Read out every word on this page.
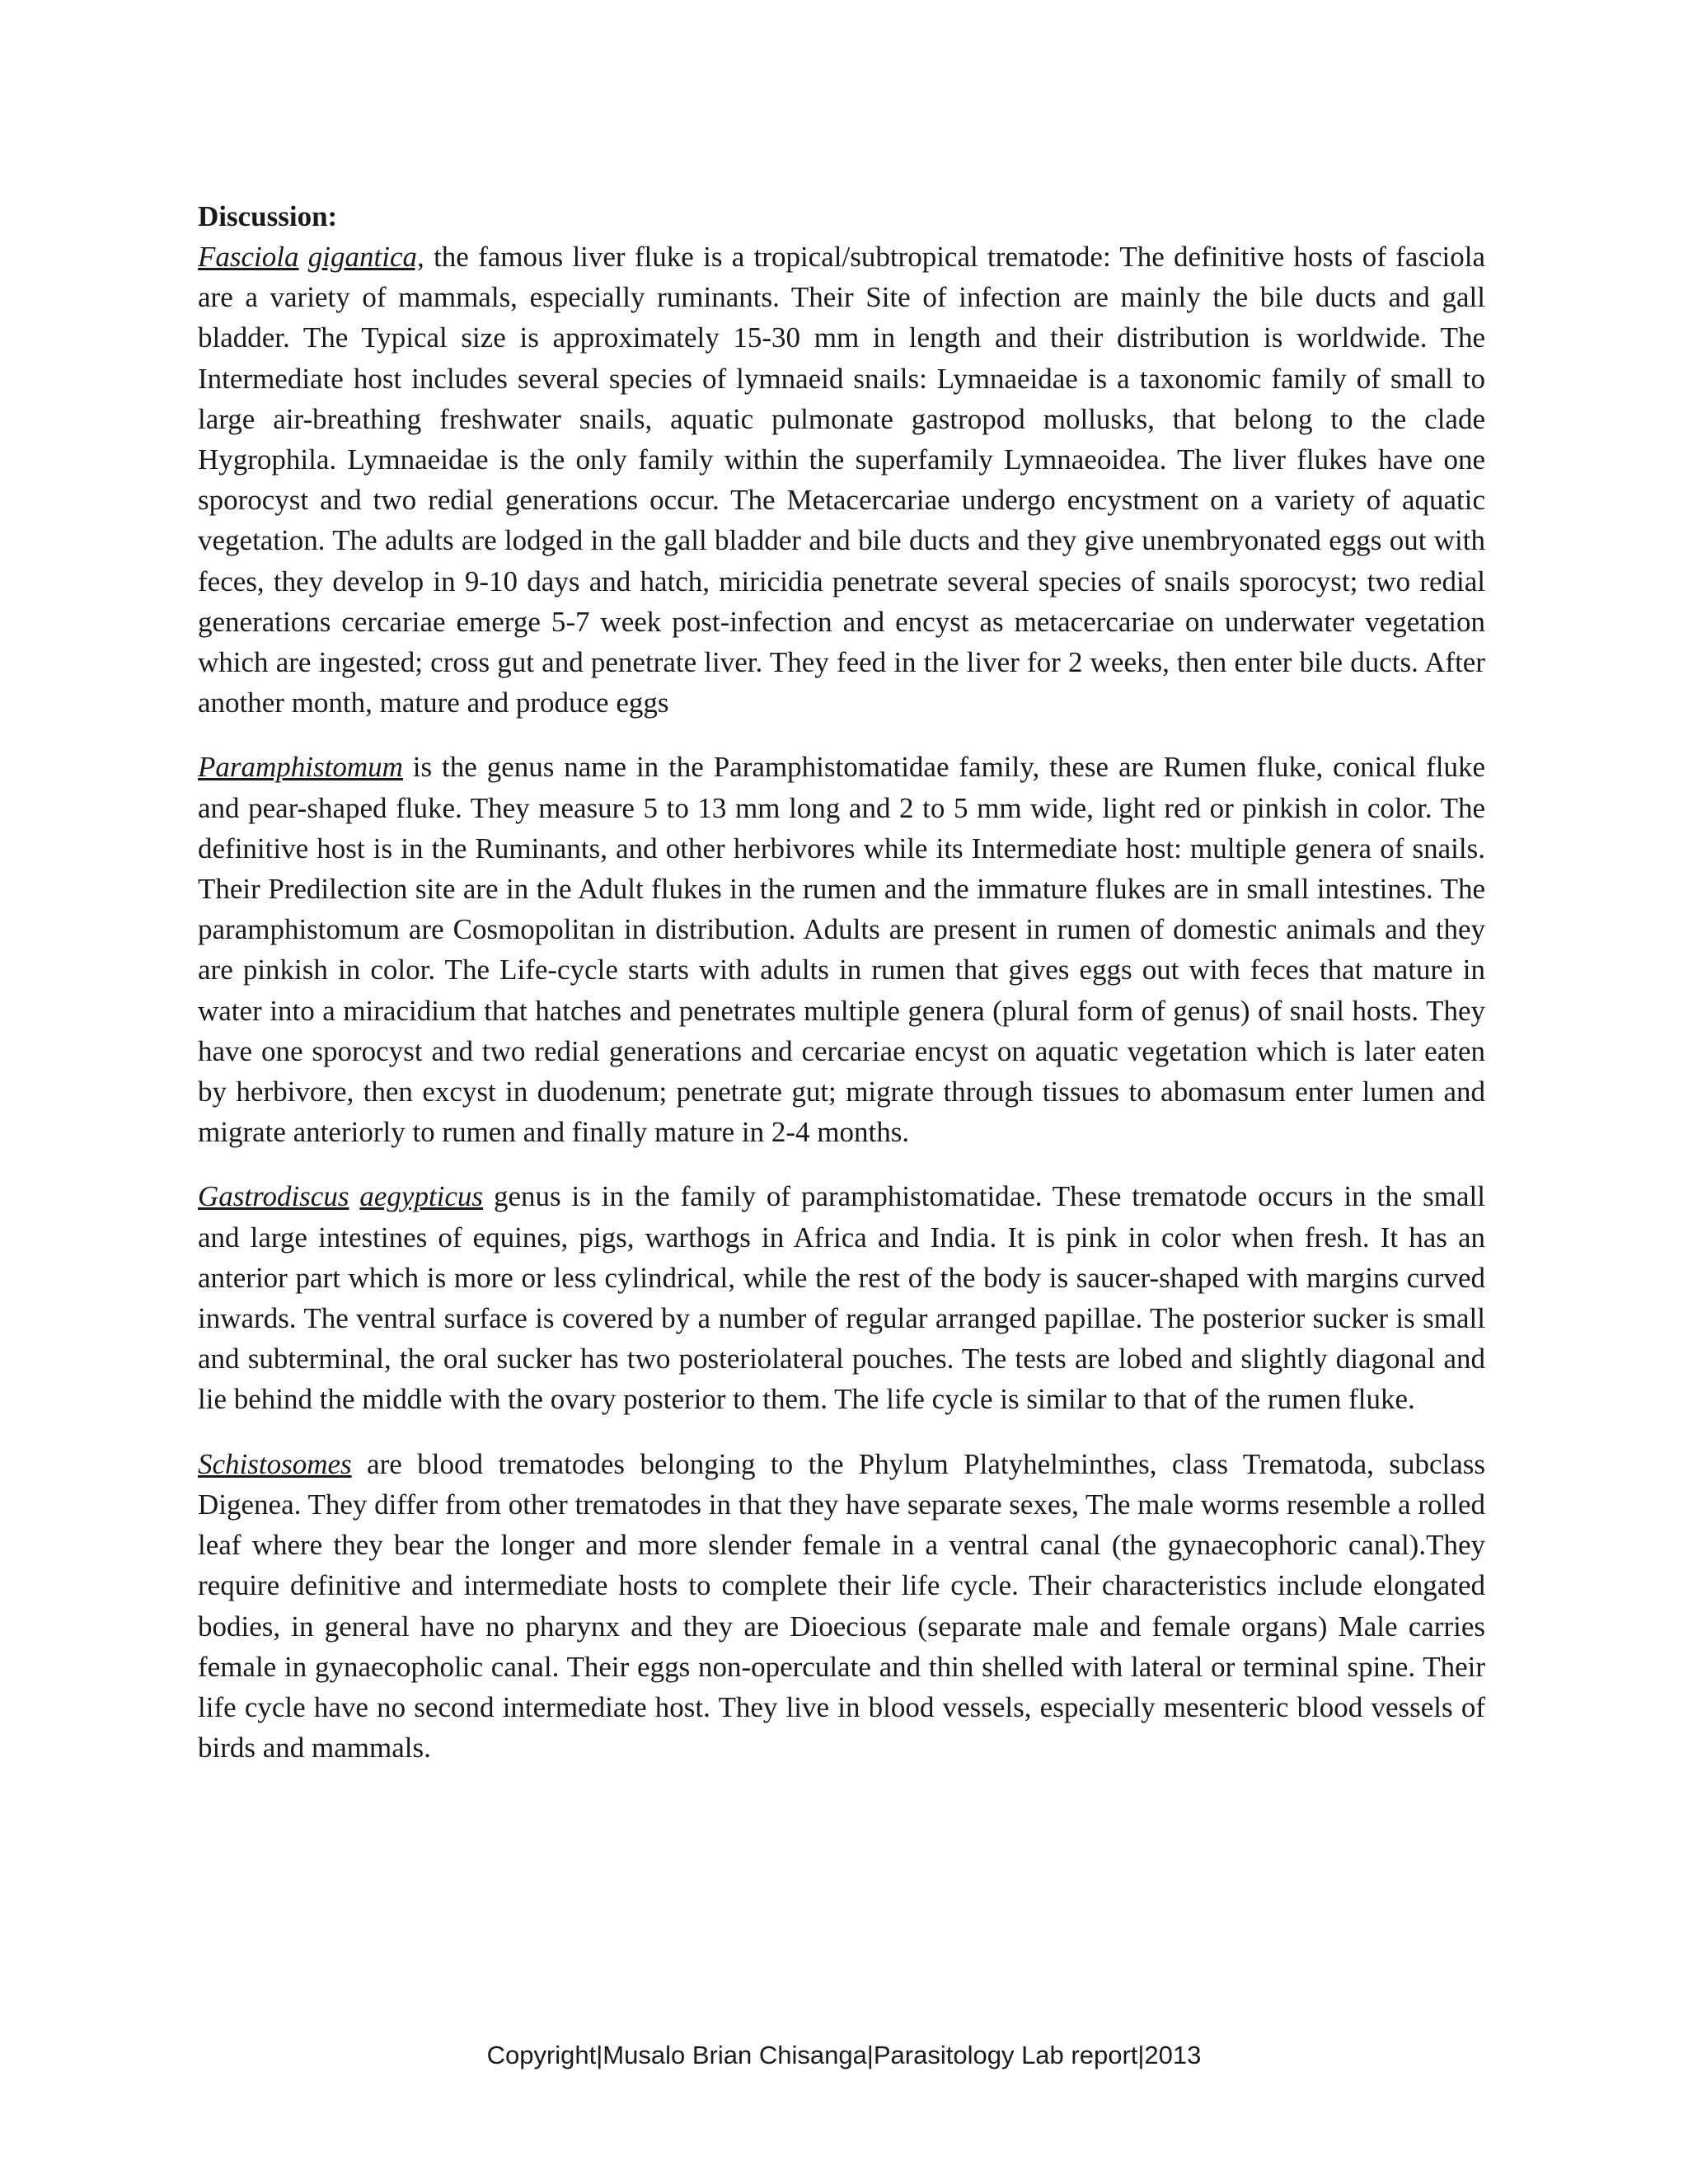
Discussion:

Fasciola gigantica, the famous liver fluke is a tropical/subtropical trematode: The definitive hosts of fasciola are a variety of mammals, especially ruminants. Their Site of infection are mainly the bile ducts and gall bladder. The Typical size is approximately 15-30 mm in length and their distribution is worldwide. The Intermediate host includes several species of lymnaeid snails: Lymnaeidae is a taxonomic family of small to large air-breathing freshwater snails, aquatic pulmonate gastropod mollusks, that belong to the clade Hygrophila. Lymnaeidae is the only family within the superfamily Lymnaeoidea. The liver flukes have one sporocyst and two redial generations occur. The Metacercariae undergo encystment on a variety of aquatic vegetation. The adults are lodged in the gall bladder and bile ducts and they give unembryonated eggs out with feces, they develop in 9-10 days and hatch, miricidia penetrate several species of snails sporocyst; two redial generations cercariae emerge 5-7 week post-infection and encyst as metacercariae on underwater vegetation which are ingested; cross gut and penetrate liver. They feed in the liver for 2 weeks, then enter bile ducts. After another month, mature and produce eggs

Paramphistomum is the genus name in the Paramphistomatidae family, these are Rumen fluke, conical fluke and pear-shaped fluke. They measure 5 to 13 mm long and 2 to 5 mm wide, light red or pinkish in color. The definitive host is in the Ruminants, and other herbivores while its Intermediate host: multiple genera of snails. Their Predilection site are in the Adult flukes in the rumen and the immature flukes are in small intestines. The paramphistomum are Cosmopolitan in distribution. Adults are present in rumen of domestic animals and they are pinkish in color. The Life-cycle starts with adults in rumen that gives eggs out with feces that mature in water into a miracidium that hatches and penetrates multiple genera (plural form of genus) of snail hosts. They have one sporocyst and two redial generations and cercariae encyst on aquatic vegetation which is later eaten by herbivore, then excyst in duodenum; penetrate gut; migrate through tissues to abomasum enter lumen and migrate anteriorly to rumen and finally mature in 2-4 months.

Gastrodiscus aegypticus genus is in the family of paramphistomatidae. These trematode occurs in the small and large intestines of equines, pigs, warthogs in Africa and India. It is pink in color when fresh. It has an anterior part which is more or less cylindrical, while the rest of the body is saucer-shaped with margins curved inwards. The ventral surface is covered by a number of regular arranged papillae. The posterior sucker is small and subterminal, the oral sucker has two posteriolateral pouches. The tests are lobed and slightly diagonal and lie behind the middle with the ovary posterior to them. The life cycle is similar to that of the rumen fluke.

Schistosomes are blood trematodes belonging to the Phylum Platyhelminthes, class Trematoda, subclass Digenea. They differ from other trematodes in that they have separate sexes, The male worms resemble a rolled leaf where they bear the longer and more slender female in a ventral canal (the gynaecophoric canal).They require definitive and intermediate hosts to complete their life cycle. Their characteristics include elongated bodies, in general have no pharynx and they are Dioecious (separate male and female organs) Male carries female in gynaecopholic canal. Their eggs non-operculate and thin shelled with lateral or terminal spine. Their life cycle have no second intermediate host. They live in blood vessels, especially mesenteric blood vessels of birds and mammals.

Copyright|Musalo Brian Chisanga|Parasitology Lab report|2013
